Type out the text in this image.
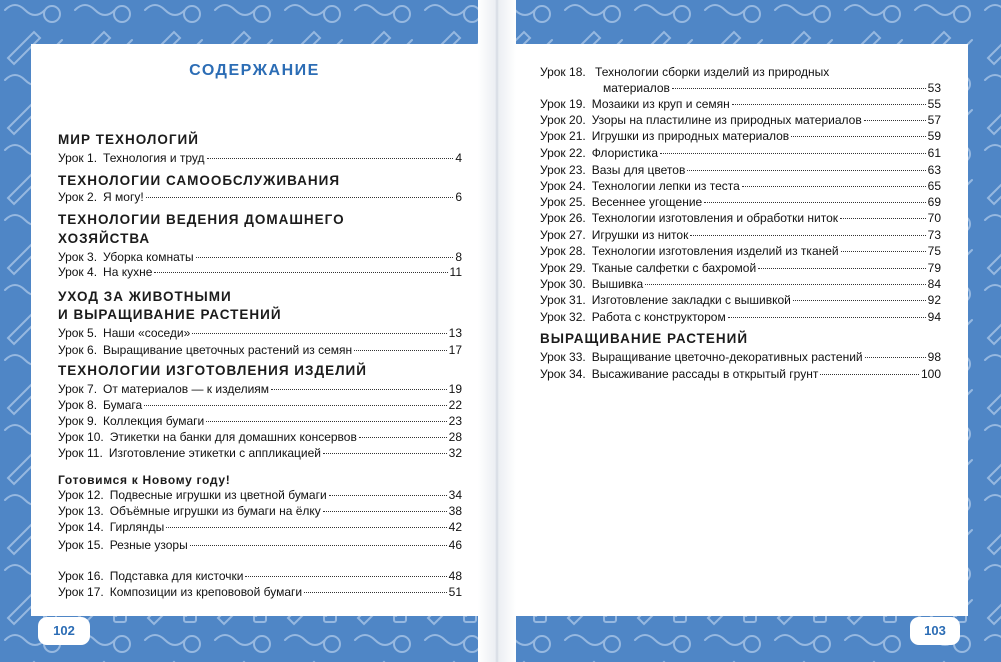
СОДЕРЖАНИЕ
МИР ТЕХНОЛОГИЙ
ТЕХНОЛОГИИ САМООБСЛУЖИВАНИЯ
ТЕХНОЛОГИИ ВЕДЕНИЯ ДОМАШНЕГО
ХОЗЯЙСТВА
УХОД ЗА ЖИВОТНЫМИ
И ВЫРАЩИВАНИЕ РАСТЕНИЙ
ТЕХНОЛОГИИ ИЗГОТОВЛЕНИЯ ИЗДЕЛИЙ
Готовимся к Новому году!
Урок 1. Технология и труд	4
Урок 2. Я могу!	6
Урок 3. Уборка комнаты	8
Урок 4. На кухне	11
Урок 5. Наши «соседи»	13
Урок 6. Выращивание цветочных растений из семян	17
Урок 7. От материалов — к изделиям	19
Урок 8. Бумага	22
Урок 9. Коллекция бумаги	23
Урок 10. Этикетки на банки для домашних консервов	28
Урок 11. Изготовление этикетки с аппликацией	32
Урок 12. Подвесные игрушки из цветной бумаги	34
Урок 13. Объёмные игрушки из бумаги на ёлку	38
Урок 14. Гирлянды	42
Урок 15. Резные узоры	46
Урок 16. Подставка для кисточки	48
Урок 17. Композиции из крепововой бумаги	51
Урок 18. Технологии сборки изделий из природных
материалов	53
Урок 19. Мозаики из круп и семян	55
Урок 20. Узоры на пластилине из природных материалов	57
Урок 21. Игрушки из природных материалов	59
Урок 22. Флористика	61
Урок 23. Вазы для цветов	63
Урок 24. Технологии лепки из теста	65
Урок 25. Весеннее угощение	69
Урок 26. Технологии изготовления и обработки ниток	70
Урок 27. Игрушки из ниток	73
Урок 28. Технологии изготовления изделий из тканей	75
Урок 29. Тканые салфетки с бахромой	79
Урок 30. Вышивка	84
Урок 31. Изготовление закладки с вышивкой	92
Урок 32. Работа с конструктором	94
ВЫРАЩИВАНИЕ РАСТЕНИЙ
Урок 33. Выращивание цветочно-декоративных растений	98
Урок 34. Высаживание рассады в открытый грунт	100
102	103
